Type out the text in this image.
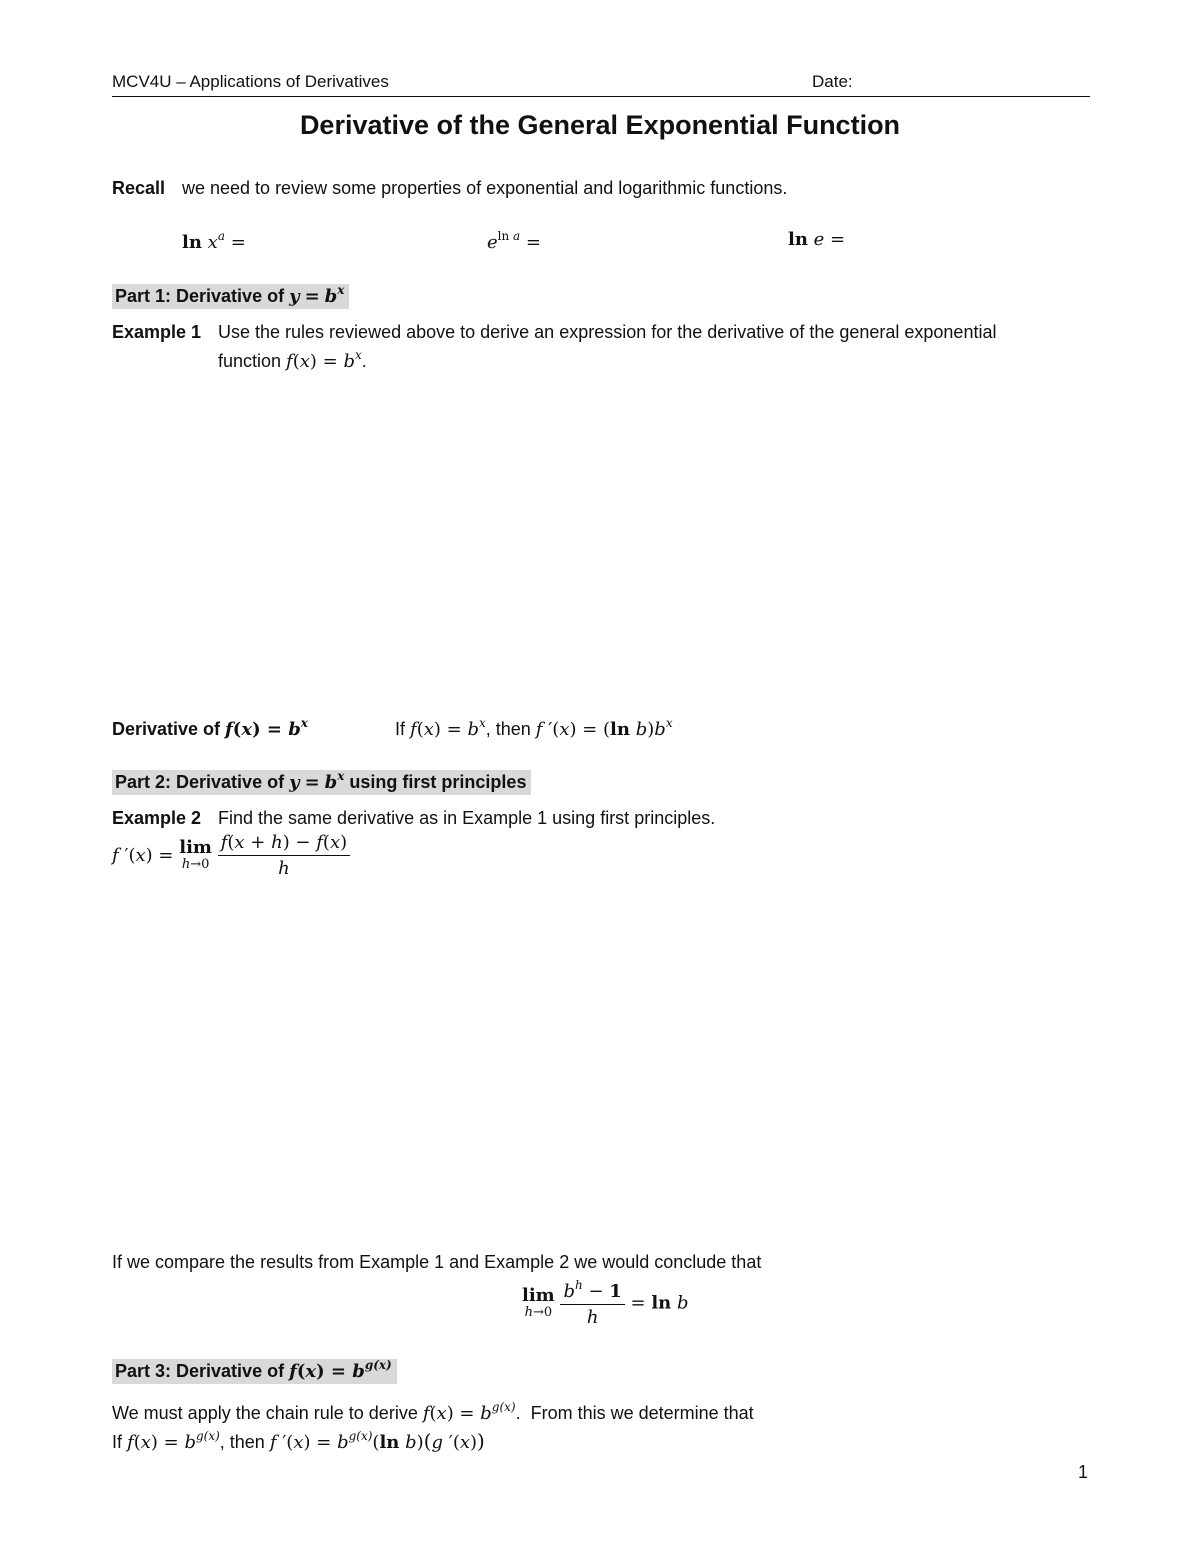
MCV4U – Applications of Derivatives	Date:
Derivative of the General Exponential Function
Recall we need to review some properties of exponential and logarithmic functions.
$\ln x^a$ =	$e^{ln a}$ =	ln e =
Part 1: Derivative of $y = b^x$
Example 1 Use the rules reviewed above to derive an expression for the derivative of the general exponential
function $f(x) = b^x$.
Derivative of $f(x) = b^x$	If $f(x) = b^x$, then f ′(x) = (ln $b)b^x$
Part 2: Derivative of $y = b^x$ using first principles
Example 2 Find the same derivative as in Example 1 using first principles.
f ′(x) = lim
h→0
$\frac{f(x + h) - f(x)}{h}$
If we compare the results from Example 1 and Example 2 we would conclude that
lim
h→0
$\frac{b^h - 1}{h} = \ln b$
Part 3: Derivative of $f(x) = b^{g(x)}$
We must apply the chain rule to derive $f(x) = b^{g(x)}$.  From this we determine that
If $f(x) = b^{g(x)}$, then f $'(x) = b^{g(x)}(\ln$ b)(g ′(x))
1
